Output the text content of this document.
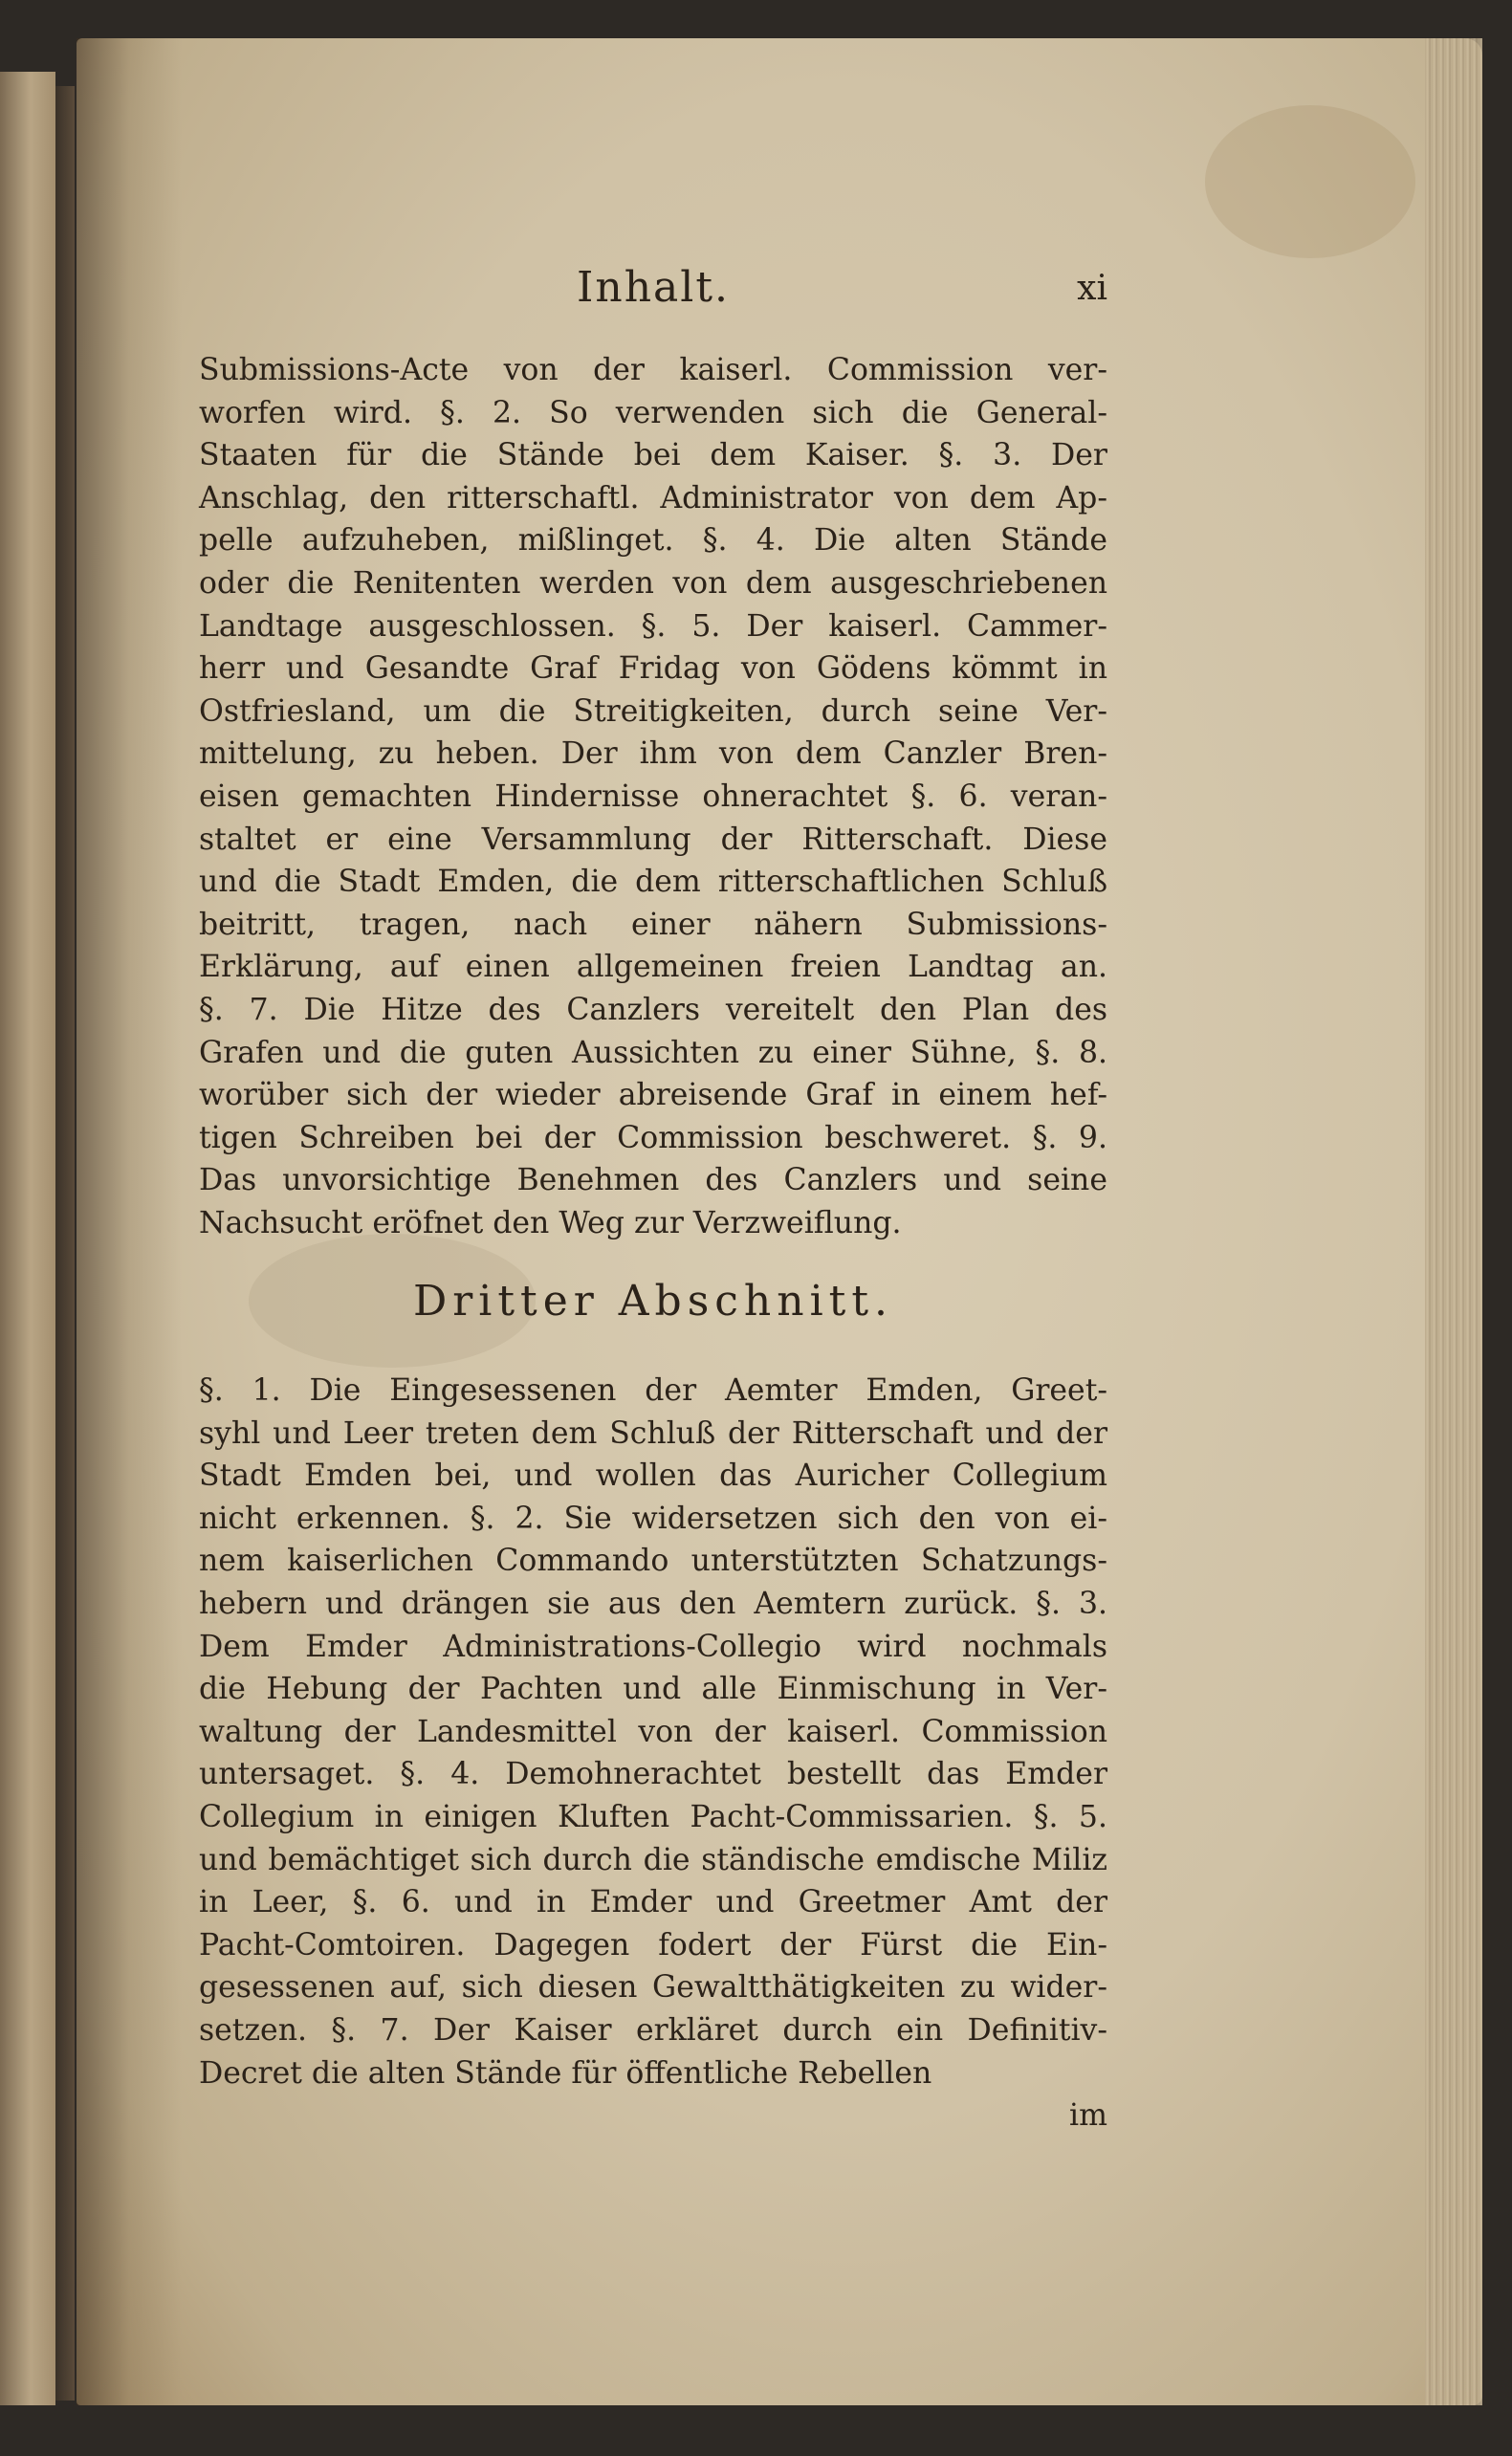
Inhalt.	xi

Submissions-Acte von der kaiserl. Commission ver-
worfen wird. §. 2. So verwenden sich die General-
Staaten für die Stände bei dem Kaiser. §. 3. Der
Anschlag, den ritterschaftl. Administrator von dem Ap-
pelle aufzuheben, mißlinget. §. 4. Die alten Stände
oder die Renitenten werden von dem ausgeschriebenen
Landtage ausgeschlossen. §. 5. Der kaiserl. Cammer-
herr und Gesandte Graf Fridag von Gödens kömmt in
Ostfriesland, um die Streitigkeiten, durch seine Ver-
mittelung, zu heben. Der ihm von dem Canzler Bren-
eisen gemachten Hindernisse ohnerachtet §. 6. veran-
staltet er eine Versammlung der Ritterschaft. Diese
und die Stadt Emden, die dem ritterschaftlichen Schluß
beitritt, tragen, nach einer nähern Submissions-
Erklärung, auf einen allgemeinen freien Landtag an.
§. 7. Die Hitze des Canzlers vereitelt den Plan des
Grafen und die guten Aussichten zu einer Sühne, §. 8.
worüber sich der wieder abreisende Graf in einem hef-
tigen Schreiben bei der Commission beschweret. §. 9.
Das unvorsichtige Benehmen des Canzlers und seine
Nachsucht eröfnet den Weg zur Verzweiflung.

Dritter Abschnitt.

§. 1. Die Eingesessenen der Aemter Emden, Greet-
syhl und Leer treten dem Schluß der Ritterschaft und der
Stadt Emden bei, und wollen das Auricher Collegium
nicht erkennen. §. 2. Sie widersetzen sich den von ei-
nem kaiserlichen Commando unterstützten Schatzungs-
hebern und drängen sie aus den Aemtern zurück. §. 3.
Dem Emder Administrations-Collegio wird nochmals
die Hebung der Pachten und alle Einmischung in Ver-
waltung der Landesmittel von der kaiserl. Commission
untersaget. §. 4. Demohnerachtet bestellt das Emder
Collegium in einigen Kluften Pacht-Commissarien. §. 5.
und bemächtiget sich durch die ständische emdische Miliz
in Leer, §. 6. und in Emder und Greetmer Amt der
Pacht-Comtoiren. Dagegen fodert der Fürst die Ein-
gesessenen auf, sich diesen Gewaltthätigkeiten zu wider-
setzen. §. 7. Der Kaiser erkläret durch ein Definitiv-
Decret die alten Stände für öffentliche Rebellen

im
